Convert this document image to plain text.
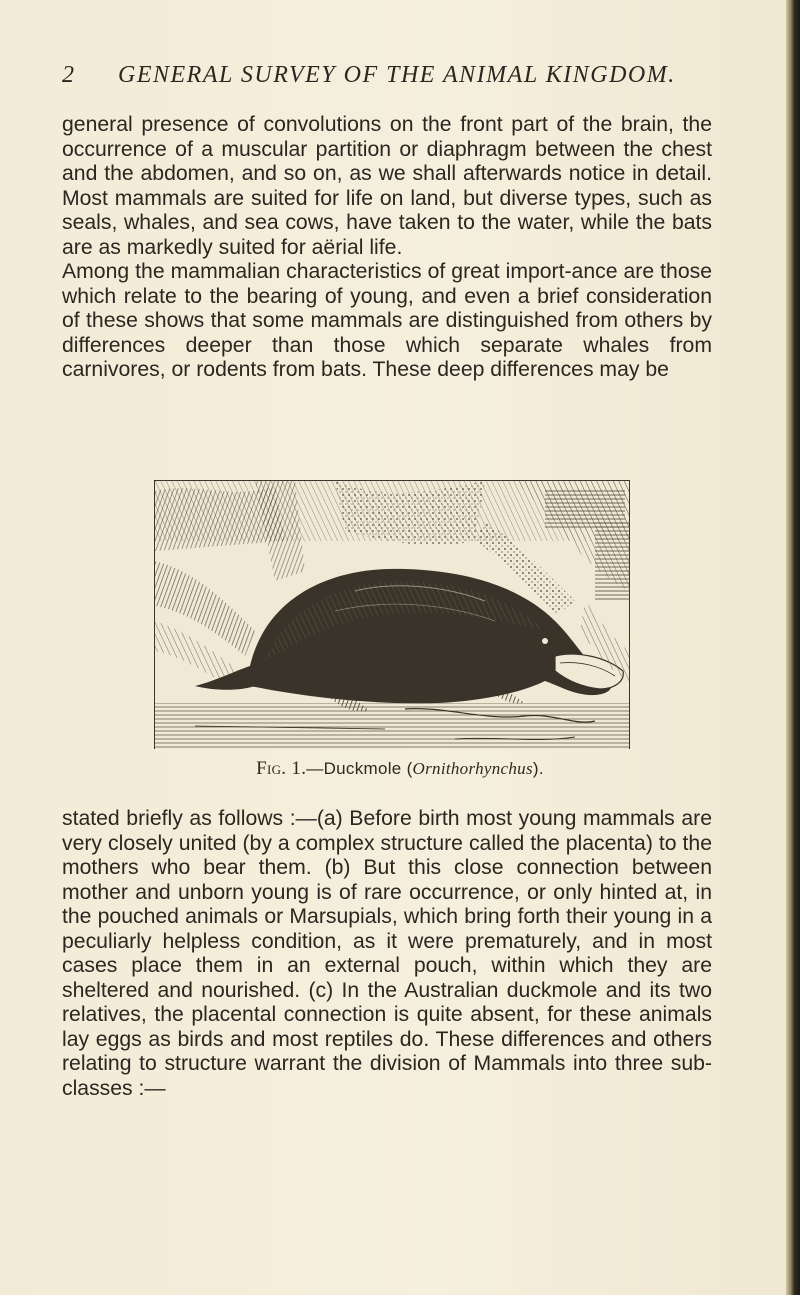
2 GENERAL SURVEY OF THE ANIMAL KINGDOM.

general presence of convolutions on the front part of the brain, the occurrence of a muscular partition or diaphragm between the chest and the abdomen, and so on, as we shall afterwards notice in detail. Most mammals are suited for life on land, but diverse types, such as seals, whales, and sea cows, have taken to the water, while the bats are as markedly suited for aërial life.

Among the mammalian characteristics of great import-ance are those which relate to the bearing of young, and even a brief consideration of these shows that some mammals are distinguished from others by differences deeper than those which separate whales from carnivores, or rodents from bats. These deep differences may be

Fig. 1.—Duckmole (Ornithorhynchus).

stated briefly as follows :—(a) Before birth most young mammals are very closely united (by a complex structure called the placenta) to the mothers who bear them. (b) But this close connection between mother and unborn young is of rare occurrence, or only hinted at, in the pouched animals or Marsupials, which bring forth their young in a peculiarly helpless condition, as it were prematurely, and in most cases place them in an external pouch, within which they are sheltered and nourished. (c) In the Australian duckmole and its two relatives, the placental connection is quite absent, for these animals lay eggs as birds and most reptiles do. These differences and others relating to structure warrant the division of Mammals into three sub-classes :—
